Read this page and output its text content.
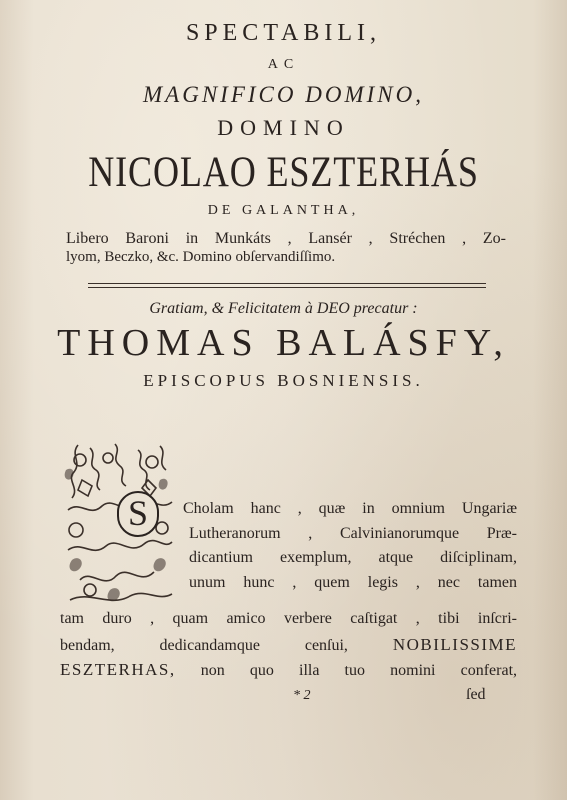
SPECTABILI,
AC
MAGNIFICO DOMINO,
DOMINO
NICOLAO ESZTERHÁS
DE GALANTHA,
Libero Baroni in Munkáts , Lansér , Stréchen , Zo-
lyom, Beczko, &c. Domino obſervandiſſimo.
Gratiam, & Felicitatem à DEO precatur :
THOMAS BALÁSFY,
EPISCOPUS BOSNIENSIS.
S Cholam hanc , quæ in omnium Ungariæ
Lutheranorum , Calvinianorumque Præ-
dicantium exemplum, atque diſciplinam,
unum hunc , quem legis , nec tamen
tam duro , quam amico verbere caſtigat , tibi inſcri-
bendam, dedicandamque cenſui,	NOBILISSIME
ESZTERHAS, non quo illa tuo nomini conferat,
* 2	ſed
